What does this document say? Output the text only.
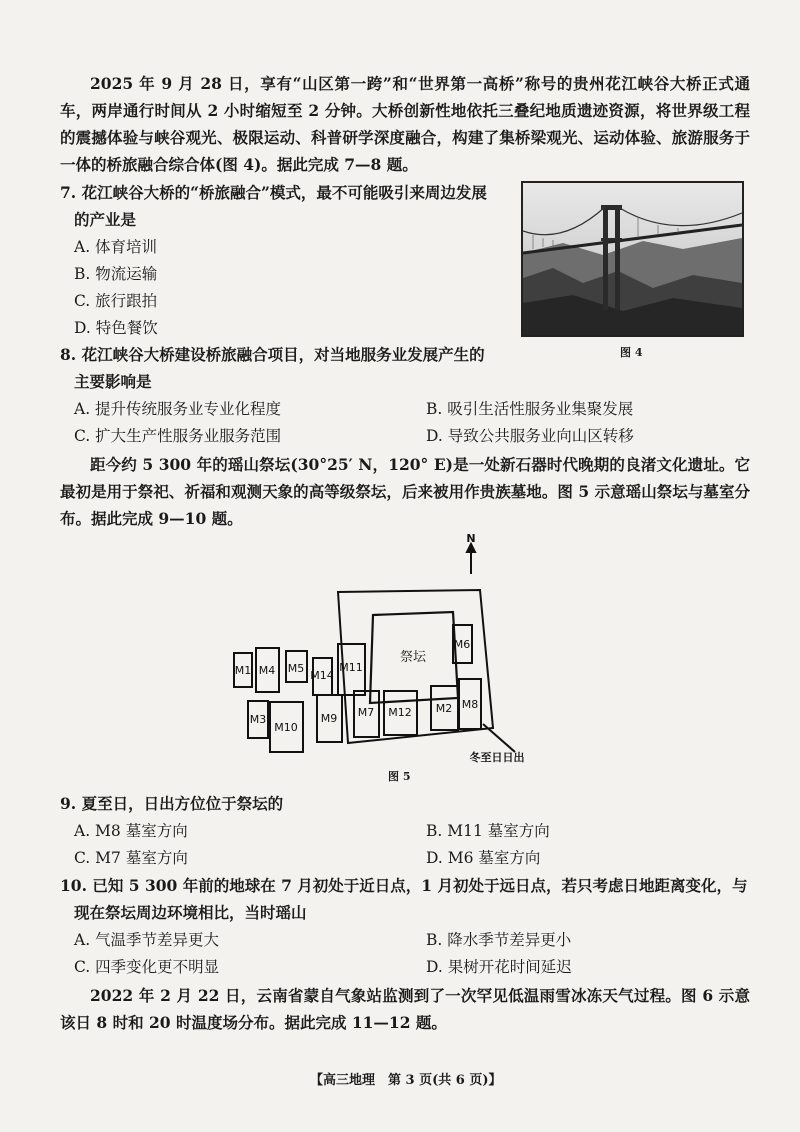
2025 年 9 月 28 日，享有“山区第一跨”和“世界第一高桥”称号的贵州花江峡谷大桥正式通车，两岸通行时间从 2 小时缩短至 2 分钟。大桥创新性地依托三叠纪地质遗迹资源，将世界级工程的震撼体验与峡谷观光、极限运动、科普研学深度融合，构建了集桥梁观光、运动体验、旅游服务于一体的桥旅融合综合体(图 4)。据此完成 7—8 题。
7. 花江峡谷大桥的“桥旅融合”模式，最不可能吸引来周边发展
的产业是
A. 体育培训
B. 物流运输
C. 旅行跟拍
D. 特色餐饮
图 4
8. 花江峡谷大桥建设桥旅融合项目，对当地服务业发展产生的
主要影响是
A. 提升传统服务业专业化程度	B. 吸引生活性服务业集聚发展
C. 扩大生产性服务业服务范围	D. 导致公共服务业向山区转移
距今约 5 300 年的瑶山祭坛(30°25′ N，120° E)是一处新石器时代晚期的良渚文化遗址。它最初是用于祭祀、祈福和观测天象的高等级祭坛，后来被用作贵族墓地。图 5 示意瑶山祭坛与墓室分布。据此完成 9—10 题。
N
祭坛
M1 M4 M5
M14
M11
M6
M3
M10
M9 M7 M12 M2 M8
冬至日日出
图 5
9. 夏至日，日出方位位于祭坛的
A. M8 墓室方向	B. M11 墓室方向
C. M7 墓室方向	D. M6 墓室方向
10. 已知 5 300 年前的地球在 7 月初处于近日点，1 月初处于远日点，若只考虑日地距离变化，与
现在祭坛周边环境相比，当时瑶山
A. 气温季节差异更大	B. 降水季节差异更小
C. 四季变化更不明显	D. 果树开花时间延迟
2022 年 2 月 22 日，云南省蒙自气象站监测到了一次罕见低温雨雪冰冻天气过程。图 6 示意该日 8 时和 20 时温度场分布。据此完成 11—12 题。
【高三地理　第 3 页(共 6 页)】
